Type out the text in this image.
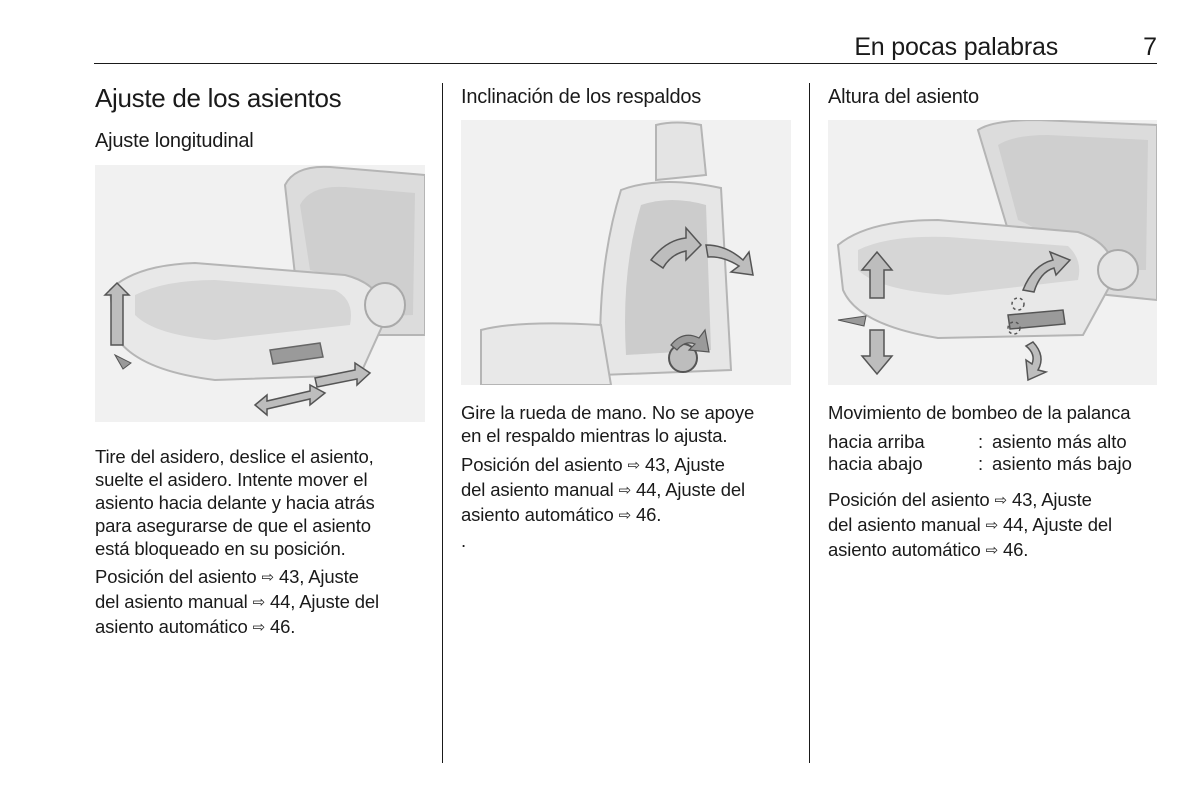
En pocas palabras	7
Ajuste de los asientos
Ajuste longitudinal

Tire del asidero, deslice el asiento,
suelte el asidero. Intente mover el
asiento hacia delante y hacia atrás
para asegurarse de que el asiento
está bloqueado en su posición.

Posición del asiento ⇨ 43, Ajuste
del asiento manual ⇨ 44, Ajuste del
asiento automático ⇨ 46.

Inclinación de los respaldos

Gire la rueda de mano. No se apoye
en el respaldo mientras lo ajusta.

Posición del asiento ⇨ 43, Ajuste
del asiento manual ⇨ 44, Ajuste del
asiento automático ⇨ 46.

.

Altura del asiento
Movimiento de bombeo de la palanca
hacia arriba	: asiento más alto
hacia abajo	: asiento más bajo

Posición del asiento ⇨ 43, Ajuste
del asiento manual ⇨ 44, Ajuste del
asiento automático ⇨ 46.
